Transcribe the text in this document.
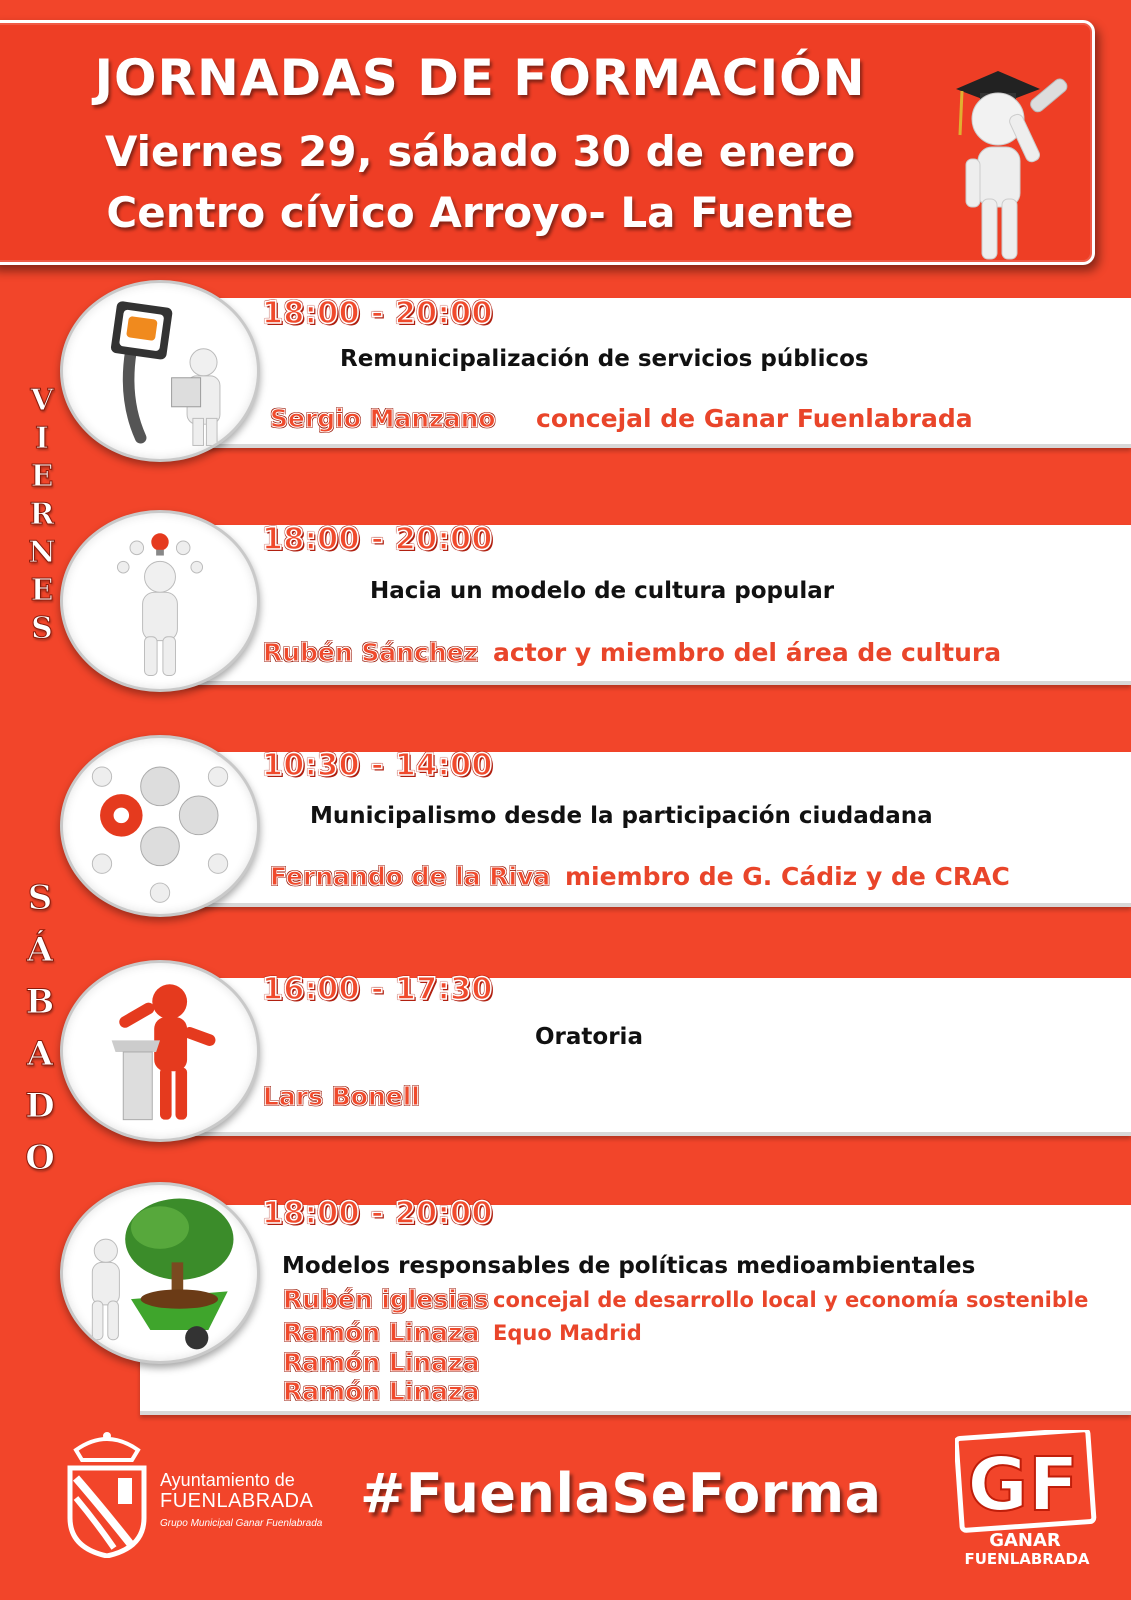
JORNADAS DE FORMACIÓN
Viernes 29, sábado 30 de enero
Centro cívico Arroyo- La Fuente
V
I
E
R
N
E
S
S
Á
B
A
D
O
18:00 - 20:00
Remunicipalización de servicios públicos
Sergio Manzano concejal de Ganar Fuenlabrada
18:00 - 20:00
Hacia un modelo de cultura popular
Rubén Sánchez actor y miembro del área de cultura
10:30 - 14:00
Municipalismo desde la participación ciudadana
Fernando de la Riva miembro de G. Cádiz y de CRAC
16:00 - 17:30
Oratoria
Lars Bonell
18:00 - 20:00
Modelos responsables de políticas medioambientales
Rubén iglesias concejal de desarrollo local y economía sostenible
Ramón Linaza Equo Madrid
Ramón Linaza
Ramón Linaza
Ayuntamiento de
FUENLABRADA
Grupo Municipal Ganar Fuenlabrada #FuenlaSeForma GF
GANAR
FUENLABRADA
